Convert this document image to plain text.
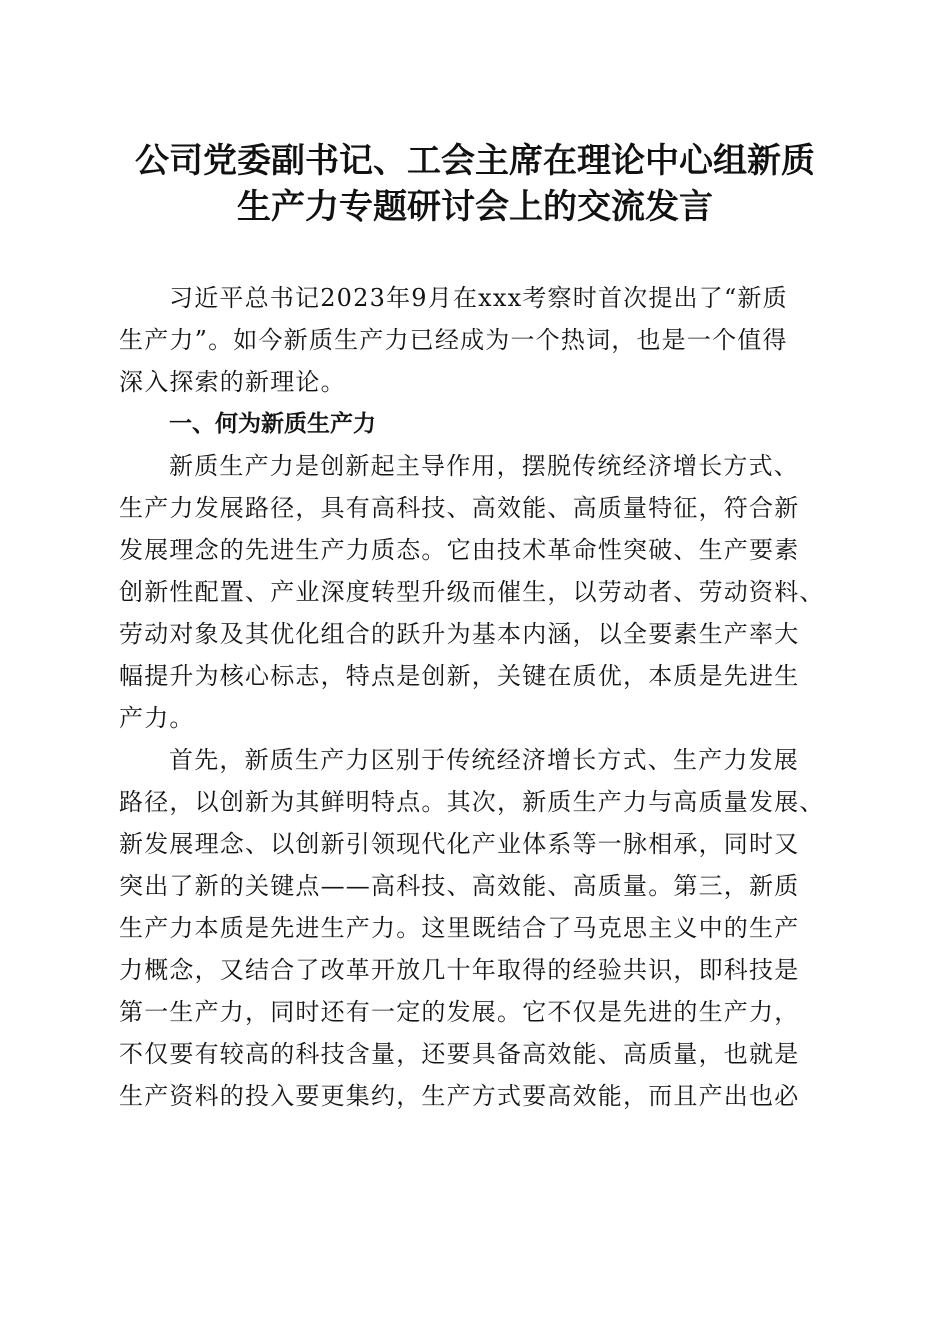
公司党委副书记、工会主席在理论中心组新质
生产力专题研讨会上的交流发言

习近平总书记2023年9月在xxx考察时首次提出了“新质
生产力”。如今新质生产力已经成为一个热词，也是一个值得
深入探索的新理论。

一、何为新质生产力

新质生产力是创新起主导作用，摆脱传统经济增长方式、
生产力发展路径，具有高科技、高效能、高质量特征，符合新
发展理念的先进生产力质态。它由技术革命性突破、生产要素
创新性配置、产业深度转型升级而催生，以劳动者、劳动资料、
劳动对象及其优化组合的跃升为基本内涵，以全要素生产率大
幅提升为核心标志，特点是创新，关键在质优，本质是先进生
产力。

首先，新质生产力区别于传统经济增长方式、生产力发展
路径，以创新为其鲜明特点。其次，新质生产力与高质量发展、
新发展理念、以创新引领现代化产业体系等一脉相承，同时又
突出了新的关键点——高科技、高效能、高质量。第三，新质
生产力本质是先进生产力。这里既结合了马克思主义中的生产
力概念，又结合了改革开放几十年取得的经验共识，即科技是
第一生产力，同时还有一定的发展。它不仅是先进的生产力，
不仅要有较高的科技含量，还要具备高效能、高质量，也就是
生产资料的投入要更集约，生产方式要高效能，而且产出也必
